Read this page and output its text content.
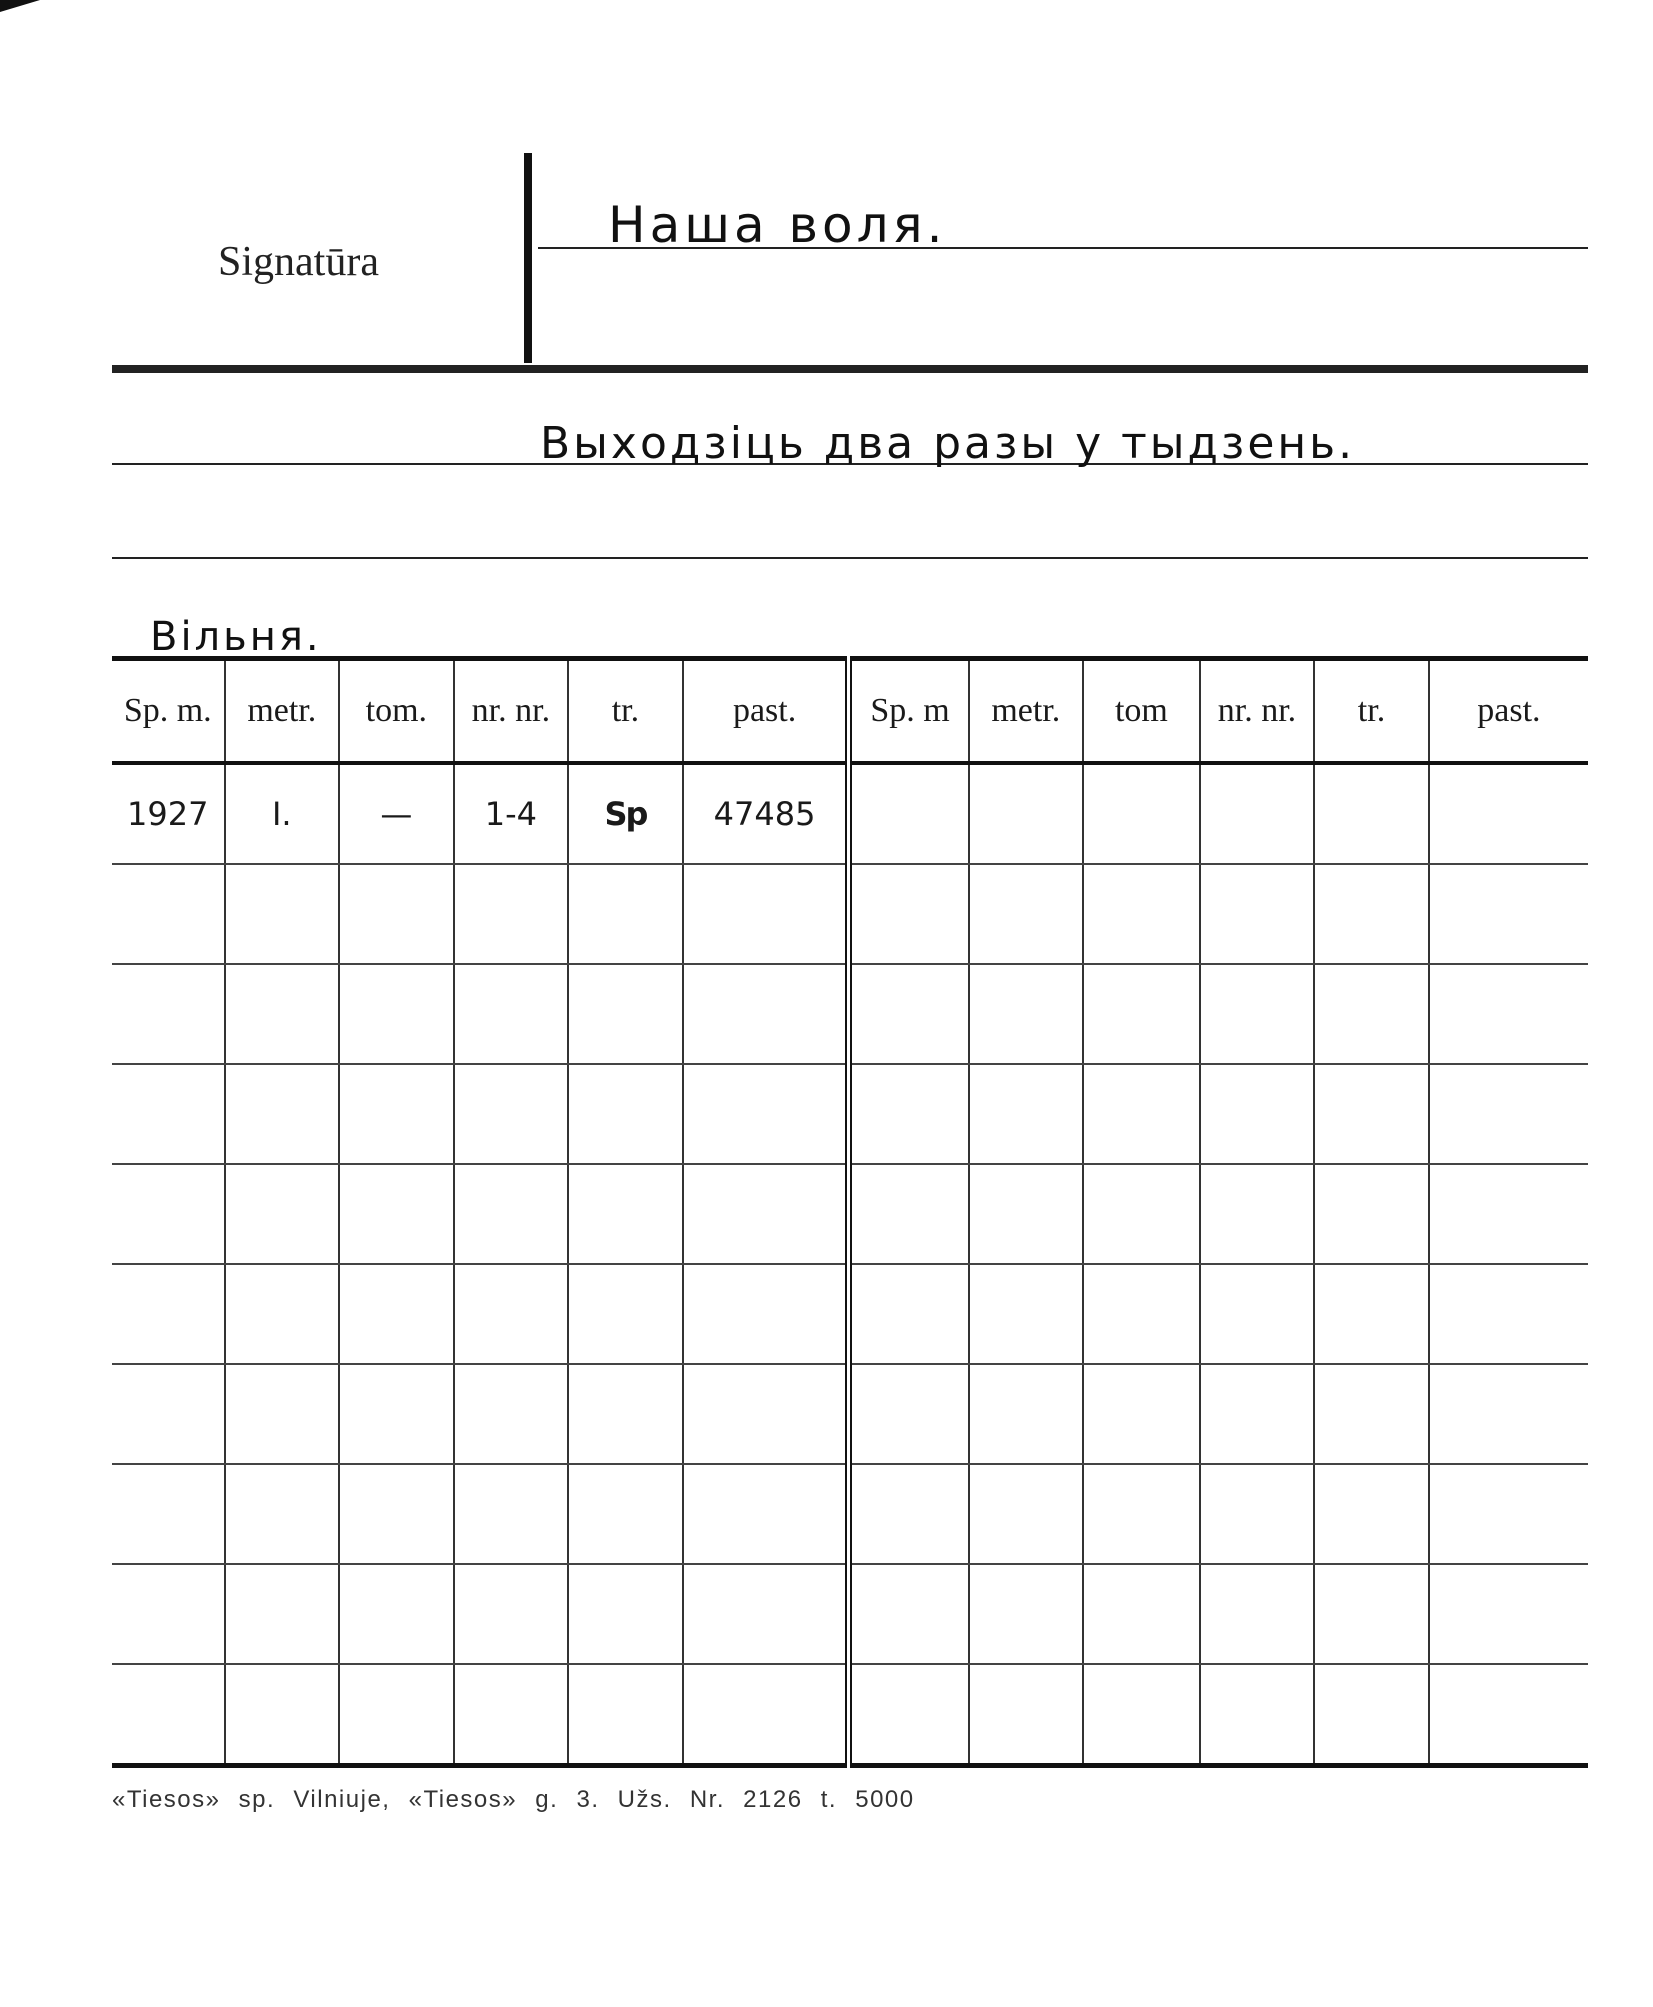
Signatūra
Наша воля.
Выходзіць два разы у тыдзень.
Вільня.
Sp. m.	metr.	tom.	nr. nr.	tr.	past.	Sp. m	metr.	tom	nr. nr.	tr.	past.
1927	I.	—	1-4	Sp	47485						

«Tiesos» sp. Vilniuje, «Tiesos» g. 3. Užs. Nr. 2126 t. 5000
